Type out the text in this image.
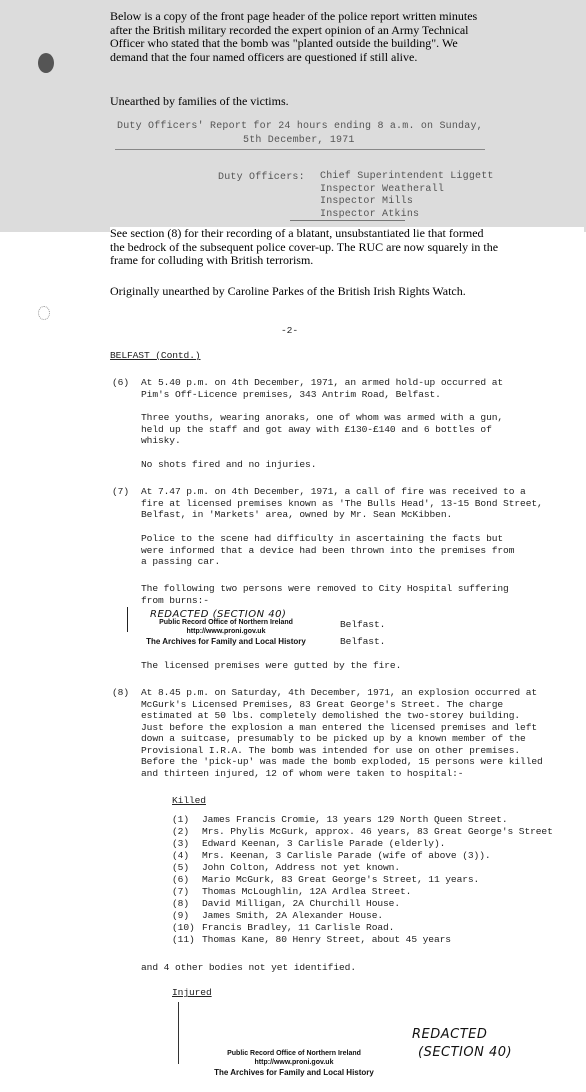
Below is a copy of the front page header of the police report written minutes
after the British military recorded the expert opinion of an Army Technical
Officer who stated that the bomb was "planted outside the building". We
demand that the four named officers are questioned if still alive.
Unearthed by families of the victims.
Duty Officers' Report for 24 hours ending 8 a.m. on Sunday,
5th December, 1971
Duty Officers: Chief Superintendent Liggett
Inspector Weatherall
Inspector Mills
Inspector Atkins
See section (8) for their recording of a blatant, unsubstantiated lie that formed
the bedrock of the subsequent police cover-up. The RUC are now squarely in the
frame for colluding with British terrorism.
Originally unearthed by Caroline Parkes of the British Irish Rights Watch.
-2-
BELFAST (Contd.)
(6) At 5.40 p.m. on 4th December, 1971, an armed hold-up occurred at
Pim's Off-Licence premises, 343 Antrim Road, Belfast.
Three youths, wearing anoraks, one of whom was armed with a gun,
held up the staff and got away with £130-£140 and 6 bottles of
whisky.
No shots fired and no injuries.
(7) At 7.47 p.m. on 4th December, 1971, a call of fire was received to a
fire at licensed premises known as 'The Bulls Head', 13-15 Bond Street,
Belfast, in 'Markets' area, owned by Mr. Sean McKibben.
Police to the scene had difficulty in ascertaining the facts but
were informed that a device had been thrown into the premises from
a passing car.
The following two persons were removed to City Hospital suffering
from burns:-
REDACTED (SECTION 40)
Public Record Office of Northern Ireland
http://www.proni.gov.uk
The Archives for Family and Local History
Belfast.
Belfast.
The licensed premises were gutted by the fire.
(8) At 8.45 p.m. on Saturday, 4th December, 1971, an explosion occurred at
McGurk's Licensed Premises, 83 Great George's Street. The charge
estimated at 50 lbs. completely demolished the two-storey building.
Just before the explosion a man entered the licensed premises and left
down a suitcase, presumably to be picked up by a known member of the
Provisional I.R.A. The bomb was intended for use on other premises.
Before the 'pick-up' was made the bomb exploded, 15 persons were killed
and thirteen injured, 12 of whom were taken to hospital:-
Killed
(1)	James Francis Cromie, 13 years 129 North Queen Street.
(2)	Mrs. Phylis McGurk, approx. 46 years, 83 Great George's Street
(3)	Edward Keenan, 3 Carlisle Parade (elderly).
(4)	Mrs. Keenan, 3 Carlisle Parade (wife of above (3)).
(5)	John Colton, Address not yet known.
(6)	Mario McGurk, 83 Great George's Street, 11 years.
(7)	Thomas McLoughlin, 12A Ardlea Street.
(8)	David Milligan, 2A Churchill House.
(9)	James Smith, 2A Alexander House.
(10) Francis Bradley, 11 Carlisle Road.
(11) Thomas Kane, 80 Henry Street, about 45 years
and 4 other bodies not yet identified.
Injured
Public Record Office of Northern Ireland
http://www.proni.gov.uk
The Archives for Family and Local History
REDACTED
(SECTION 40)
